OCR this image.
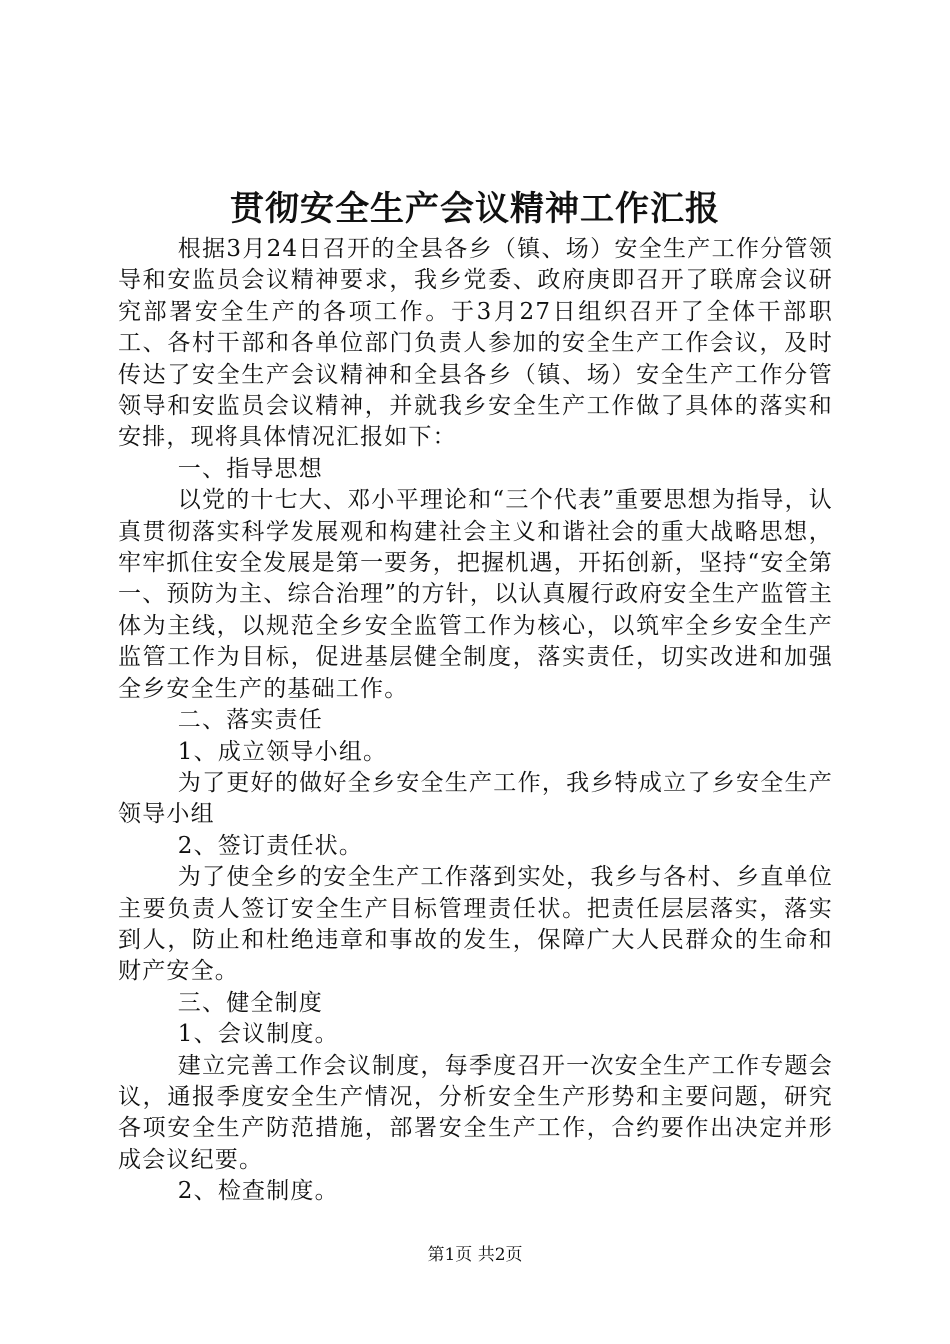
贯彻安全生产会议精神工作汇报

根据3月24日召开的全县各乡（镇、场）安全生产工作分管领导和安监员会议精神要求，我乡党委、政府庚即召开了联席会议研究部署安全生产的各项工作。于3月27日组织召开了全体干部职工、各村干部和各单位部门负责人参加的安全生产工作会议，及时传达了安全生产会议精神和全县各乡（镇、场）安全生产工作分管领导和安监员会议精神，并就我乡安全生产工作做了具体的落实和安排，现将具体情况汇报如下：

一、指导思想

以党的十七大、邓小平理论和“三个代表”重要思想为指导，认真贯彻落实科学发展观和构建社会主义和谐社会的重大战略思想，牢牢抓住安全发展是第一要务，把握机遇，开拓创新，坚持“安全第一、预防为主、综合治理”的方针，以认真履行政府安全生产监管主体为主线，以规范全乡安全监管工作为核心，以筑牢全乡安全生产监管工作为目标，促进基层健全制度，落实责任，切实改进和加强全乡安全生产的基础工作。

二、落实责任

1、成立领导小组。

为了更好的做好全乡安全生产工作，我乡特成立了乡安全生产领导小组

2、签订责任状。

为了使全乡的安全生产工作落到实处，我乡与各村、乡直单位主要负责人签订安全生产目标管理责任状。把责任层层落实，落实到人，防止和杜绝违章和事故的发生，保障广大人民群众的生命和财产安全。

三、健全制度

1、会议制度。

建立完善工作会议制度，每季度召开一次安全生产工作专题会议，通报季度安全生产情况，分析安全生产形势和主要问题，研究各项安全生产防范措施，部署安全生产工作，合约要作出决定并形成会议纪要。

2、检查制度。

第1页 共2页
